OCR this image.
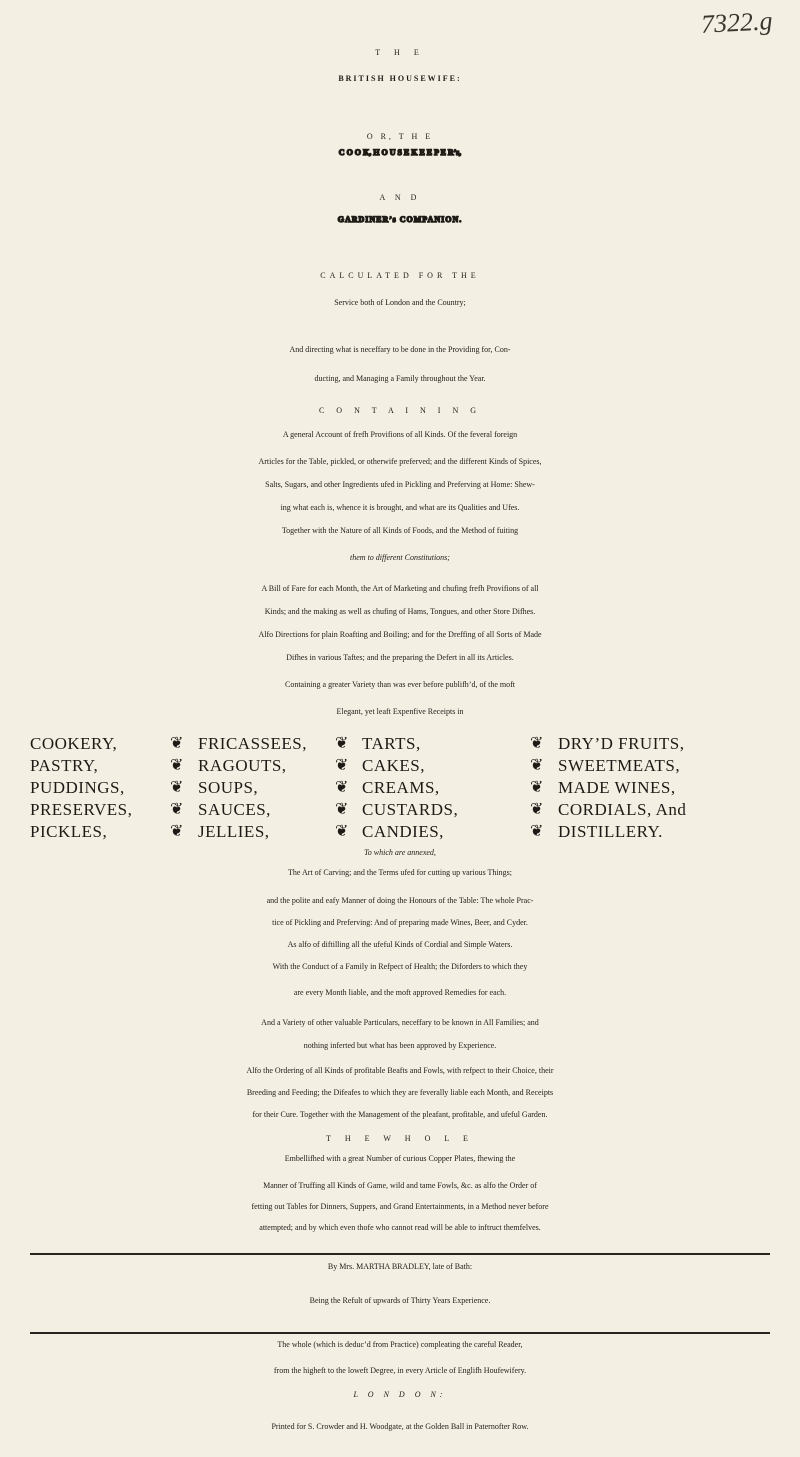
7322.g
T H E
BRITISH HOUSEWIFE:
O R, T H E
C O O K, H O U S E K E E P E R’s,
A N D
GARDINER’s COMPANION.
CALCULATED FOR THE
Service both of London and the Country;
And directing what is neceffary to be done in the Providing for, Con-
ducting, and Managing a Family throughout the Year.
C O N T A I N I N G
A general Account of frefh Provifions of all Kinds. Of the feveral foreign
Articles for the Table, pickled, or otherwife preferved; and the different Kinds of Spices,
Salts, Sugars, and other Ingredients ufed in Pickling and Preferving at Home: Shew-
ing what each is, whence it is brought, and what are its Qualities and Ufes.
Together with the Nature of all Kinds of Foods, and the Method of fuiting
them to different Constitutions;
A Bill of Fare for each Month, the Art of Marketing and chufing frefh Provifions of all
Kinds; and the making as well as chufing of Hams, Tongues, and other Store Difhes.
Alfo Directions for plain Roafting and Boiling; and for the Dreffing of all Sorts of Made
Difhes in various Taftes; and the preparing the Defert in all its Articles.
Containing a greater Variety than was ever before publifh’d, of the moft
Elegant, yet leaft Expenfive Receipts in
COOKERY,
PASTRY,
PUDDINGS,
PRESERVES,
PICKLES,
❦
❦
❦
❦
❦
FRICASSEES,
RAGOUTS,
SOUPS,
SAUCES,
JELLIES,
❦
❦
❦
❦
❦
TARTS,
CAKES,
CREAMS,
CUSTARDS,
CANDIES,
❦
❦
❦
❦
❦
DRY’D FRUITS,
SWEETMEATS,
MADE WINES,
CORDIALS, And
DISTILLERY.
To which are annexed,
The Art of Carving; and the Terms ufed for cutting up various Things;
and the polite and eafy Manner of doing the Honours of the Table: The whole Prac-
tice of Pickling and Preferving: And of preparing made Wines, Beer, and Cyder.
As alfo of diftilling all the ufeful Kinds of Cordial and Simple Waters.
With the Conduct of a Family in Refpect of Health; the Diforders to which they
are every Month liable, and the moft approved Remedies for each.
And a Variety of other valuable Particulars, neceffary to be known in All Families; and
nothing inferted but what has been approved by Experience.
Alfo the Ordering of all Kinds of profitable Beafts and Fowls, with refpect to their Choice, their
Breeding and Feeding; the Difeafes to which they are feverally liable each Month, and Receipts
for their Cure. Together with the Management of the pleafant, profitable, and ufeful Garden.
T H E W H O L E
Embellifhed with a great Number of curious Copper Plates, fhewing the
Manner of Truffing all Kinds of Game, wild and tame Fowls, &c. as alfo the Order of
fetting out Tables for Dinners, Suppers, and Grand Entertainments, in a Method never before
attempted; and by which even thofe who cannot read will be able to inftruct themfelves.
By Mrs. MARTHA BRADLEY, late of Bath:
Being the Refult of upwards of Thirty Years Experience.
The whole (which is deduc’d from Practice) compleating the careful Reader,
from the higheft to the loweft Degree, in every Article of Englifh Houfewifery.
L O N D O N:
Printed for S. Crowder and H. Woodgate, at the Golden Ball in Paternofter Row.
